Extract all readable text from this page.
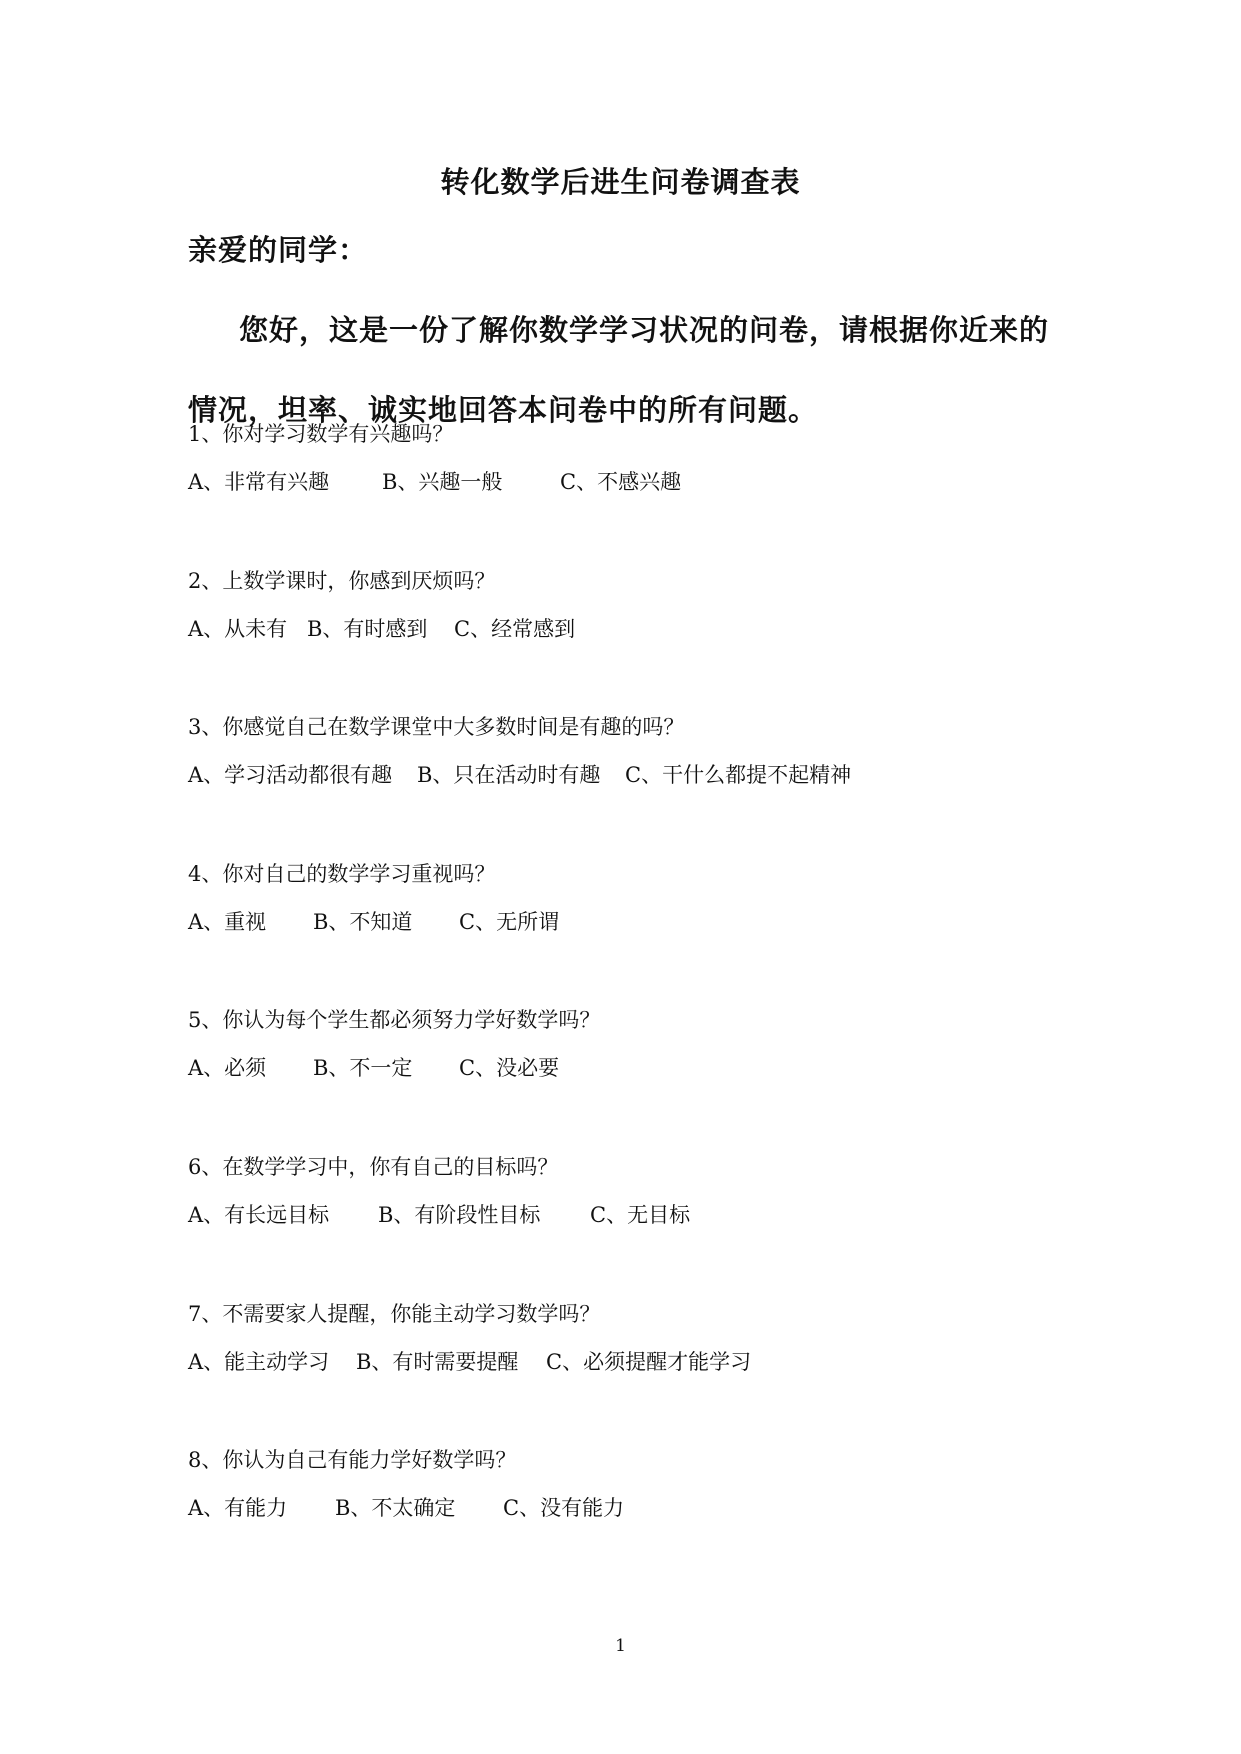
转化数学后进生问卷调查表

亲爱的同学：

您好，这是一份了解你数学学习状况的问卷，请根据你近来的情况，坦率、诚实地回答本问卷中的所有问题。

1、你对学习数学有兴趣吗？

A、非常有兴趣	B、兴趣一般	C、不感兴趣

2、上数学课时，你感到厌烦吗？

A、从未有 B、有时感到 C、经常感到

3、你感觉自己在数学课堂中大多数时间是有趣的吗？

A、学习活动都很有趣 B、只在活动时有趣 C、干什么都提不起精神

4、你对自己的数学学习重视吗？

A、重视 B、不知道 C、无所谓

5、你认为每个学生都必须努力学好数学吗？

A、必须 B、不一定 C、没必要

6、在数学学习中，你有自己的目标吗？

A、有长远目标 B、有阶段性目标 C、无目标

7、不需要家人提醒，你能主动学习数学吗？

A、能主动学习 B、有时需要提醒 C、必须提醒才能学习

8、你认为自己有能力学好数学吗？

A、有能力 B、不太确定 C、没有能力
1
